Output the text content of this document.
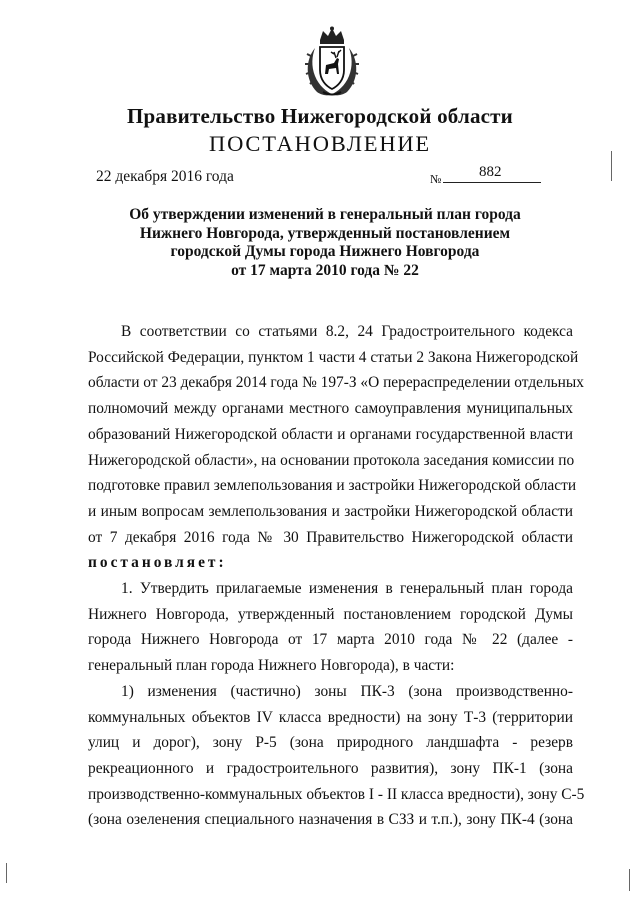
Правительство Нижегородской области
ПОСТАНОВЛЕНИЕ
22 декабря 2016 года	№	882
Об утверждении изменений в генеральный план города
Нижнего Новгорода, утвержденный постановлением
городской Думы города Нижнего Новгорода
от 17 марта 2010 года № 22
В соответствии со статьями 8.2, 24 Градостроительного кодекса
Российской Федерации, пунктом 1 части 4 статьи 2 Закона Нижегородской
области от 23 декабря 2014 года № 197-З «О перераспределении отдельных
полномочий между органами местного самоуправления муниципальных
образований Нижегородской области и органами государственной власти
Нижегородской области», на основании протокола заседания комиссии по
подготовке правил землепользования и застройки Нижегородской области
и иным вопросам землепользования и застройки Нижегородской области
от 7 декабря 2016 года № 30 Правительство Нижегородской области
постановляет:
1. Утвердить прилагаемые изменения в генеральный план города
Нижнего Новгорода, утвержденный постановлением городской Думы
города Нижнего Новгорода от 17 марта 2010 года № 22 (далее -
генеральный план города Нижнего Новгорода), в части:
1) изменения (частично) зоны ПК-3 (зона производственно-
коммунальных объектов IV класса вредности) на зону Т-3 (территории
улиц и дорог), зону Р-5 (зона природного ландшафта - резерв
рекреационного и градостроительного развития), зону ПК-1 (зона
производственно-коммунальных объектов I - II класса вредности), зону С-5
(зона озеленения специального назначения в СЗЗ и т.п.), зону ПК-4 (зона
